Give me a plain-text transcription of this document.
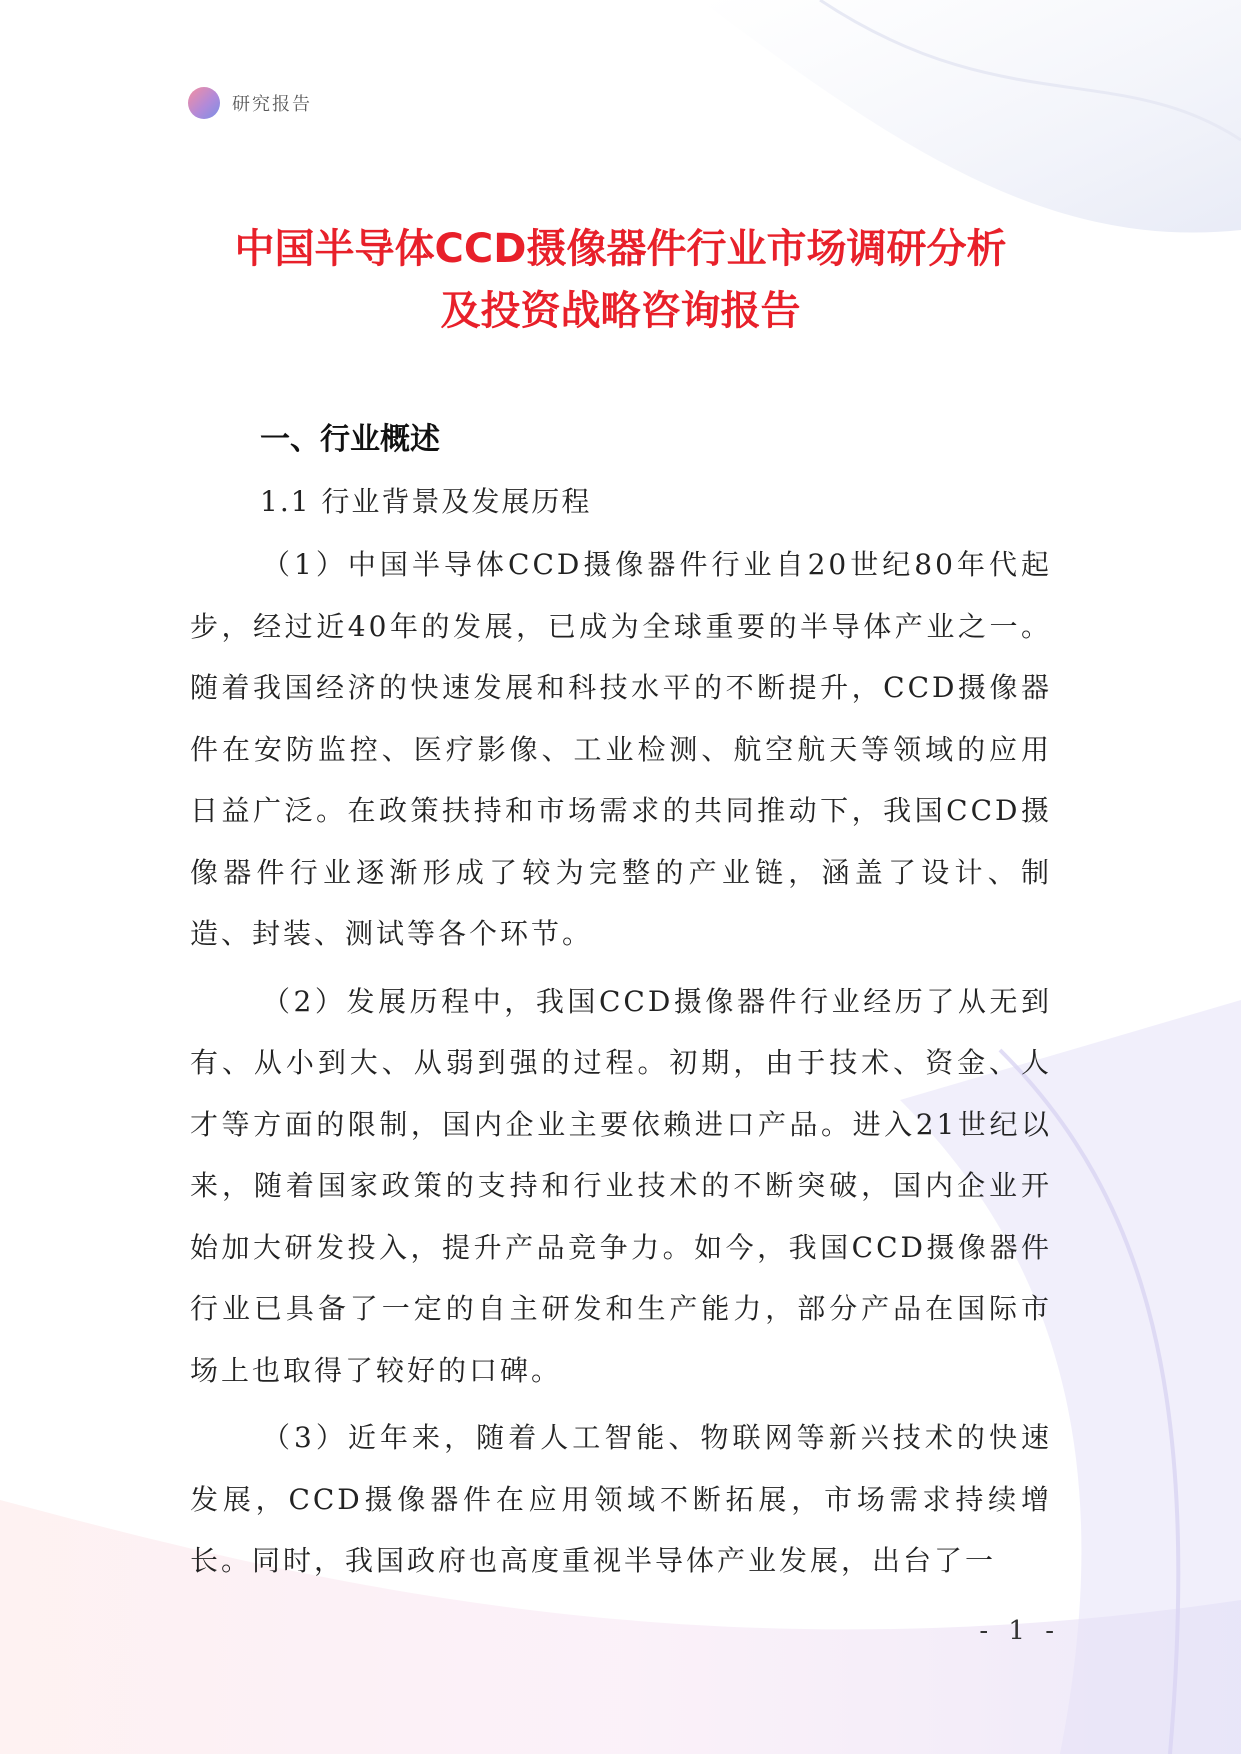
研究报告
中国半导体CCD摄像器件行业市场调研分析
及投资战略咨询报告
一、行业概述
1.1 行业背景及发展历程

（1）中国半导体CCD摄像器件行业自20世纪80年代起步，经过近40年的发展，已成为全球重要的半导体产业之一。随着我国经济的快速发展和科技水平的不断提升，CCD摄像器件在安防监控、医疗影像、工业检测、航空航天等领域的应用日益广泛。在政策扶持和市场需求的共同推动下，我国CCD摄像器件行业逐渐形成了较为完整的产业链，涵盖了设计、制造、封装、测试等各个环节。

（2）发展历程中，我国CCD摄像器件行业经历了从无到有、从小到大、从弱到强的过程。初期，由于技术、资金、人才等方面的限制，国内企业主要依赖进口产品。进入21世纪以来，随着国家政策的支持和行业技术的不断突破，国内企业开始加大研发投入，提升产品竞争力。如今，我国CCD摄像器件行业已具备了一定的自主研发和生产能力，部分产品在国际市场上也取得了较好的口碑。

（3）近年来，随着人工智能、物联网等新兴技术的快速发展，CCD摄像器件在应用领域不断拓展，市场需求持续增长。同时，我国政府也高度重视半导体产业发展，出台了一

- 1 -
